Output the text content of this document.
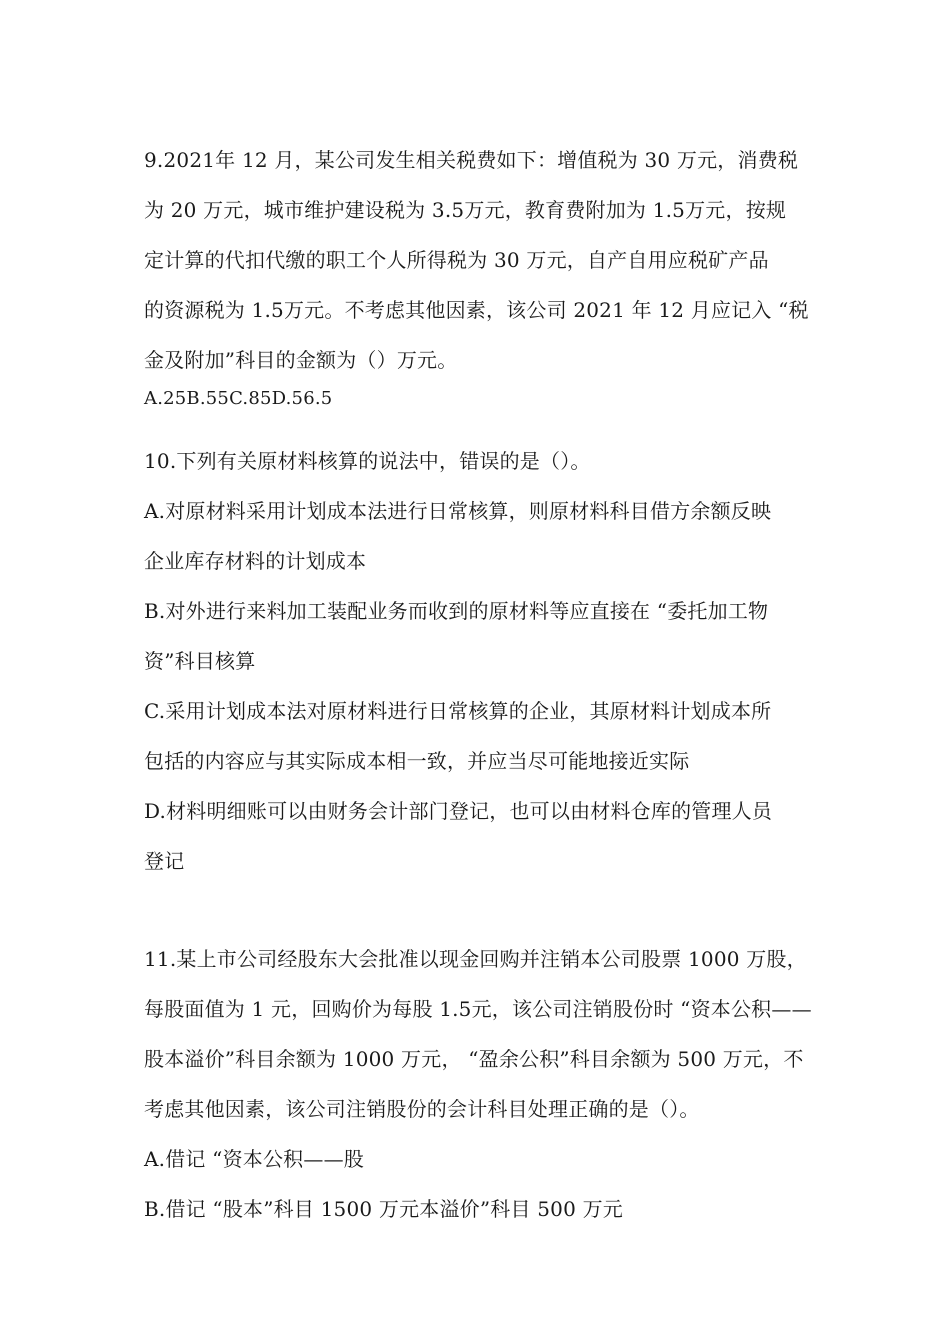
9.2021年 12 月，某公司发生相关税费如下：增值税为 30 万元，消费税
为 20 万元，城市维护建设税为 3.5万元，教育费附加为 1.5万元，按规
定计算的代扣代缴的职工个人所得税为 30 万元，自产自用应税矿产品
的资源税为 1.5万元。不考虑其他因素，该公司 2021 年 12 月应记入 “税
金及附加”科目的金额为（）万元。
A.25B.55C.85D.56.5
10.下列有关原材料核算的说法中，错误的是（）。
A.对原材料采用计划成本法进行日常核算，则原材料科目借方余额反映
企业库存材料的计划成本
B.对外进行来料加工装配业务而收到的原材料等应直接在 “委托加工物
资”科目核算
C.采用计划成本法对原材料进行日常核算的企业，其原材料计划成本所
包括的内容应与其实际成本相一致，并应当尽可能地接近实际
D.材料明细账可以由财务会计部门登记，也可以由材料仓库的管理人员
登记
11.某上市公司经股东大会批准以现金回购并注销本公司股票 1000 万股，
每股面值为 1 元，回购价为每股 1.5元，该公司注销股份时 “资本公积——
股本溢价”科目余额为 1000 万元， “盈余公积”科目余额为 500 万元，不
考虑其他因素，该公司注销股份的会计科目处理正确的是（）。
A.借记 “资本公积——股
B.借记 “股本”科目 1500 万元本溢价”科目 500 万元
